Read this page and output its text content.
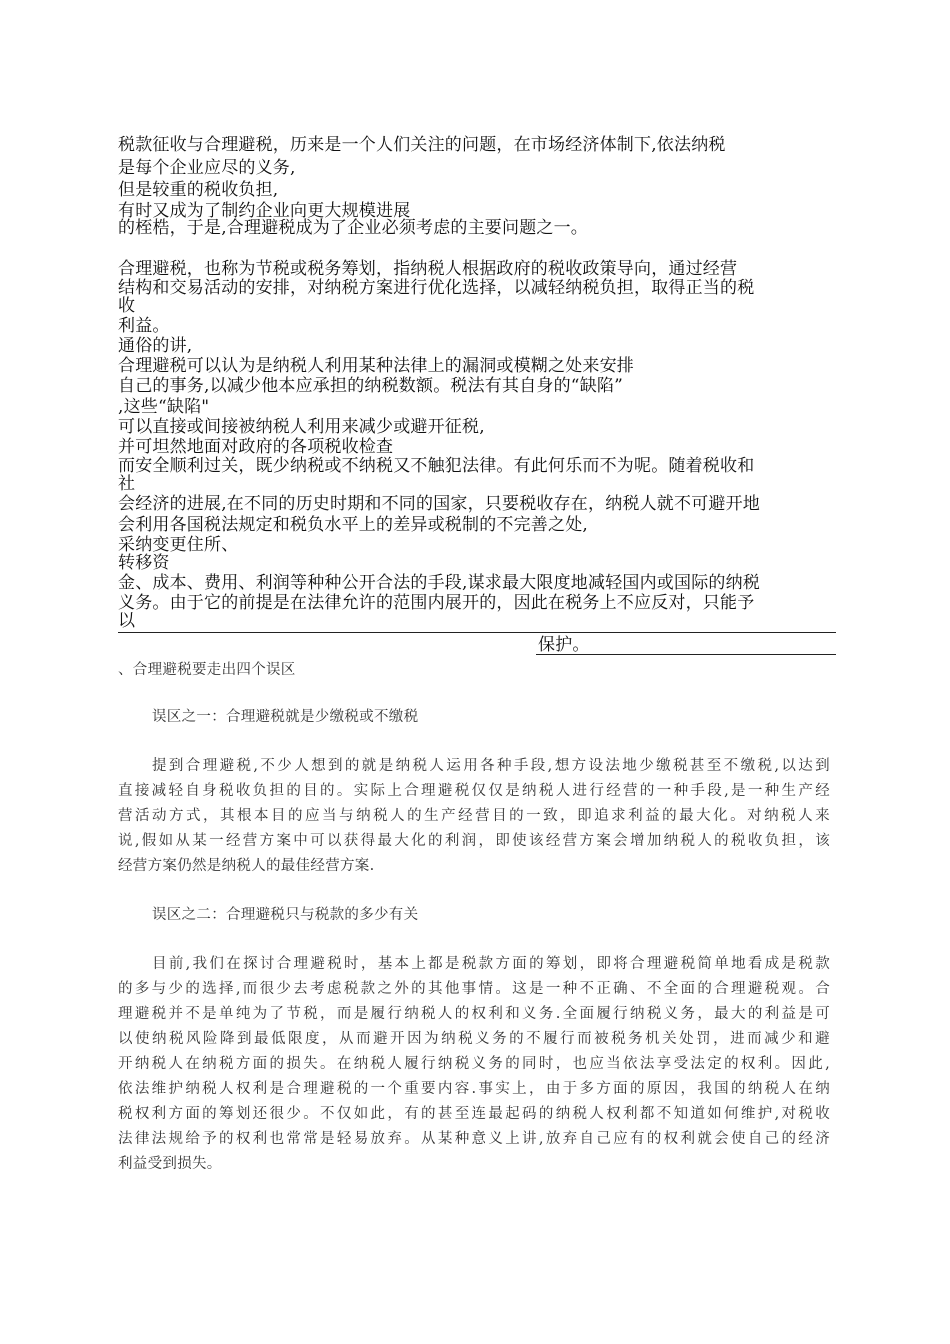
税款征收与合理避税，历来是一个人们关注的问题，在市场经济体制下,依法纳税
是每个企业应尽的义务,
但是较重的税收负担,
有时又成为了制约企业向更大规模进展
的桎梏，于是,合理避税成为了企业必须考虑的主要问题之一。
合理避税，也称为节税或税务筹划，指纳税人根据政府的税收政策导向，通过经营
结构和交易活动的安排，对纳税方案进行优化选择，以减轻纳税负担，取得正当的税
收
利益。
通俗的讲,
合理避税可以认为是纳税人利用某种法律上的漏洞或模糊之处来安排
自己的事务,以减少他本应承担的纳税数额。税法有其自身的“缺陷”
,这些“缺陷"
可以直接或间接被纳税人利用来减少或避开征税,
并可坦然地面对政府的各项税收检查
而安全顺利过关，既少纳税或不纳税又不触犯法律。有此何乐而不为呢。随着税收和
社
会经济的进展,在不同的历史时期和不同的国家，只要税收存在，纳税人就不可避开地
会利用各国税法规定和税负水平上的差异或税制的不完善之处,
采纳变更住所、
转移资
金、成本、费用、利润等种种公开合法的手段,谋求最大限度地减轻国内或国际的纳税
义务。由于它的前提是在法律允许的范围内展开的，因此在税务上不应反对，只能予
以
保护。
、合理避税要走出四个误区
误区之一：合理避税就是少缴税或不缴税
提到合理避税,不少人想到的就是纳税人运用各种手段,想方设法地少缴税甚至不缴税,以达到
直接减轻自身税收负担的目的。实际上合理避税仅仅是纳税人进行经营的一种手段,是一种生产经
营活动方式，其根本目的应当与纳税人的生产经营目的一致，即追求利益的最大化。对纳税人来
说,假如从某一经营方案中可以获得最大化的利润，即使该经营方案会增加纳税人的税收负担，该
经营方案仍然是纳税人的最佳经营方案.
误区之二：合理避税只与税款的多少有关
目前,我们在探讨合理避税时，基本上都是税款方面的筹划，即将合理避税简单地看成是税款
的多与少的选择,而很少去考虑税款之外的其他事情。这是一种不正确、不全面的合理避税观。合
理避税并不是单纯为了节税，而是履行纳税人的权利和义务.全面履行纳税义务，最大的利益是可
以使纳税风险降到最低限度，从而避开因为纳税义务的不履行而被税务机关处罚，进而减少和避
开纳税人在纳税方面的损失。在纳税人履行纳税义务的同时，也应当依法享受法定的权利。因此,
依法维护纳税人权利是合理避税的一个重要内容.事实上，由于多方面的原因，我国的纳税人在纳
税权利方面的筹划还很少。不仅如此，有的甚至连最起码的纳税人权利都不知道如何维护,对税收
法律法规给予的权利也常常是轻易放弃。从某种意义上讲,放弃自己应有的权利就会使自己的经济
利益受到损失。
